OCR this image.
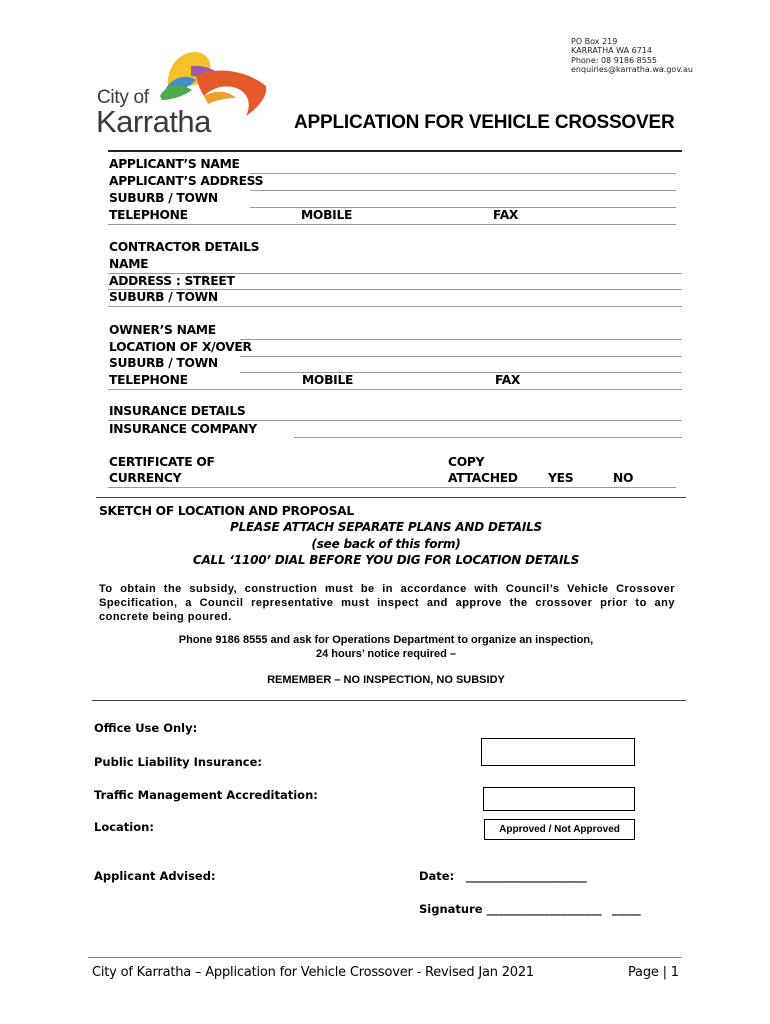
PO Box 219
KARRATHA WA 6714
Phone: 08 9186 8555
enquiries@karratha.wa.gov.au
City of
Karratha	APPLICATION FOR VEHICLE CROSSOVER
APPLICANT’S NAME
APPLICANT’S ADDRESS
SUBURB / TOWN
TELEPHONE	MOBILE	FAX
CONTRACTOR DETAILS
NAME
ADDRESS : STREET
SUBURB / TOWN
OWNER’S NAME
LOCATION OF X/OVER
SUBURB / TOWN
TELEPHONE	MOBILE	FAX
INSURANCE DETAILS
INSURANCE COMPANY
CERTIFICATE OF
CURRENCY
COPY
ATTACHED YES	NO
SKETCH OF LOCATION AND PROPOSAL
PLEASE ATTACH SEPARATE PLANS AND DETAILS
(see back of this form)
CALL ‘1100’ DIAL BEFORE YOU DIG FOR LOCATION DETAILS
To obtain the subsidy, construction must be in accordance with Council’s Vehicle Crossover Specification, a Council representative must inspect and approve the crossover prior to any concrete being poured.
Phone 9186 8555 and ask for Operations Department to organize an inspection,
24 hours’ notice required –
REMEMBER – NO INSPECTION, NO SUBSIDY
Office Use Only:
Public Liability Insurance:
Traffic Management Accreditation:
Location:	Approved / Not Approved
Applicant Advised:	Date: _____________________
Signature ____________________ _____
City of Karratha – Application for Vehicle Crossover - Revised Jan 2021	Page | 1
